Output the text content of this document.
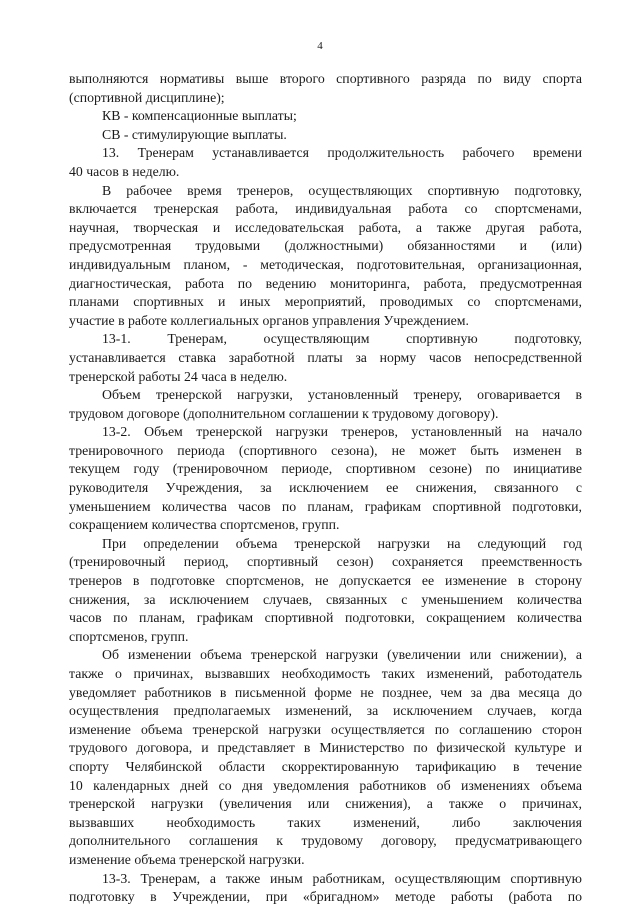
4
выполняются нормативы выше второго спортивного разряда по виду спорта
(спортивной дисциплине);
КВ - компенсационные выплаты;
СВ - стимулирующие выплаты.
13. Тренерам устанавливается продолжительность рабочего времени
40 часов в неделю.
В рабочее время тренеров, осуществляющих спортивную подготовку,
включается тренерская работа, индивидуальная работа со спортсменами,
научная, творческая и исследовательская работа, а также другая работа,
предусмотренная трудовыми (должностными) обязанностями и (или)
индивидуальным планом, - методическая, подготовительная, организационная,
диагностическая, работа по ведению мониторинга, работа, предусмотренная
планами спортивных и иных мероприятий, проводимых со спортсменами,
участие в работе коллегиальных органов управления Учреждением.
13-1. Тренерам, осуществляющим спортивную подготовку,
устанавливается ставка заработной платы за норму часов непосредственной
тренерской работы 24 часа в неделю.
Объем тренерской нагрузки, установленный тренеру, оговаривается в
трудовом договоре (дополнительном соглашении к трудовому договору).
13-2. Объем тренерской нагрузки тренеров, установленный на начало
тренировочного периода (спортивного сезона), не может быть изменен в
текущем году (тренировочном периоде, спортивном сезоне) по инициативе
руководителя Учреждения, за исключением ее снижения, связанного с
уменьшением количества часов по планам, графикам спортивной подготовки,
сокращением количества спортсменов, групп.
При определении объема тренерской нагрузки на следующий год
(тренировочный период, спортивный сезон) сохраняется преемственность
тренеров в подготовке спортсменов, не допускается ее изменение в сторону
снижения, за исключением случаев, связанных с уменьшением количества
часов по планам, графикам спортивной подготовки, сокращением количества
спортсменов, групп.
Об изменении объема тренерской нагрузки (увеличении или снижении), а
также о причинах, вызвавших необходимость таких изменений, работодатель
уведомляет работников в письменной форме не позднее, чем за два месяца до
осуществления предполагаемых изменений, за исключением случаев, когда
изменение объема тренерской нагрузки осуществляется по соглашению сторон
трудового договора, и представляет в Министерство по физической культуре и
спорту Челябинской области скорректированную тарификацию в течение
10 календарных дней со дня уведомления работников об изменениях объема
тренерской нагрузки (увеличения или снижения), а также о причинах,
вызвавших необходимость таких изменений, либо заключения
дополнительного соглашения к трудовому договору, предусматривающего
изменение объема тренерской нагрузки.
13-3. Тренерам, а также иным работникам, осуществляющим спортивную
подготовку в Учреждении, при «бригадном» методе работы (работа по
